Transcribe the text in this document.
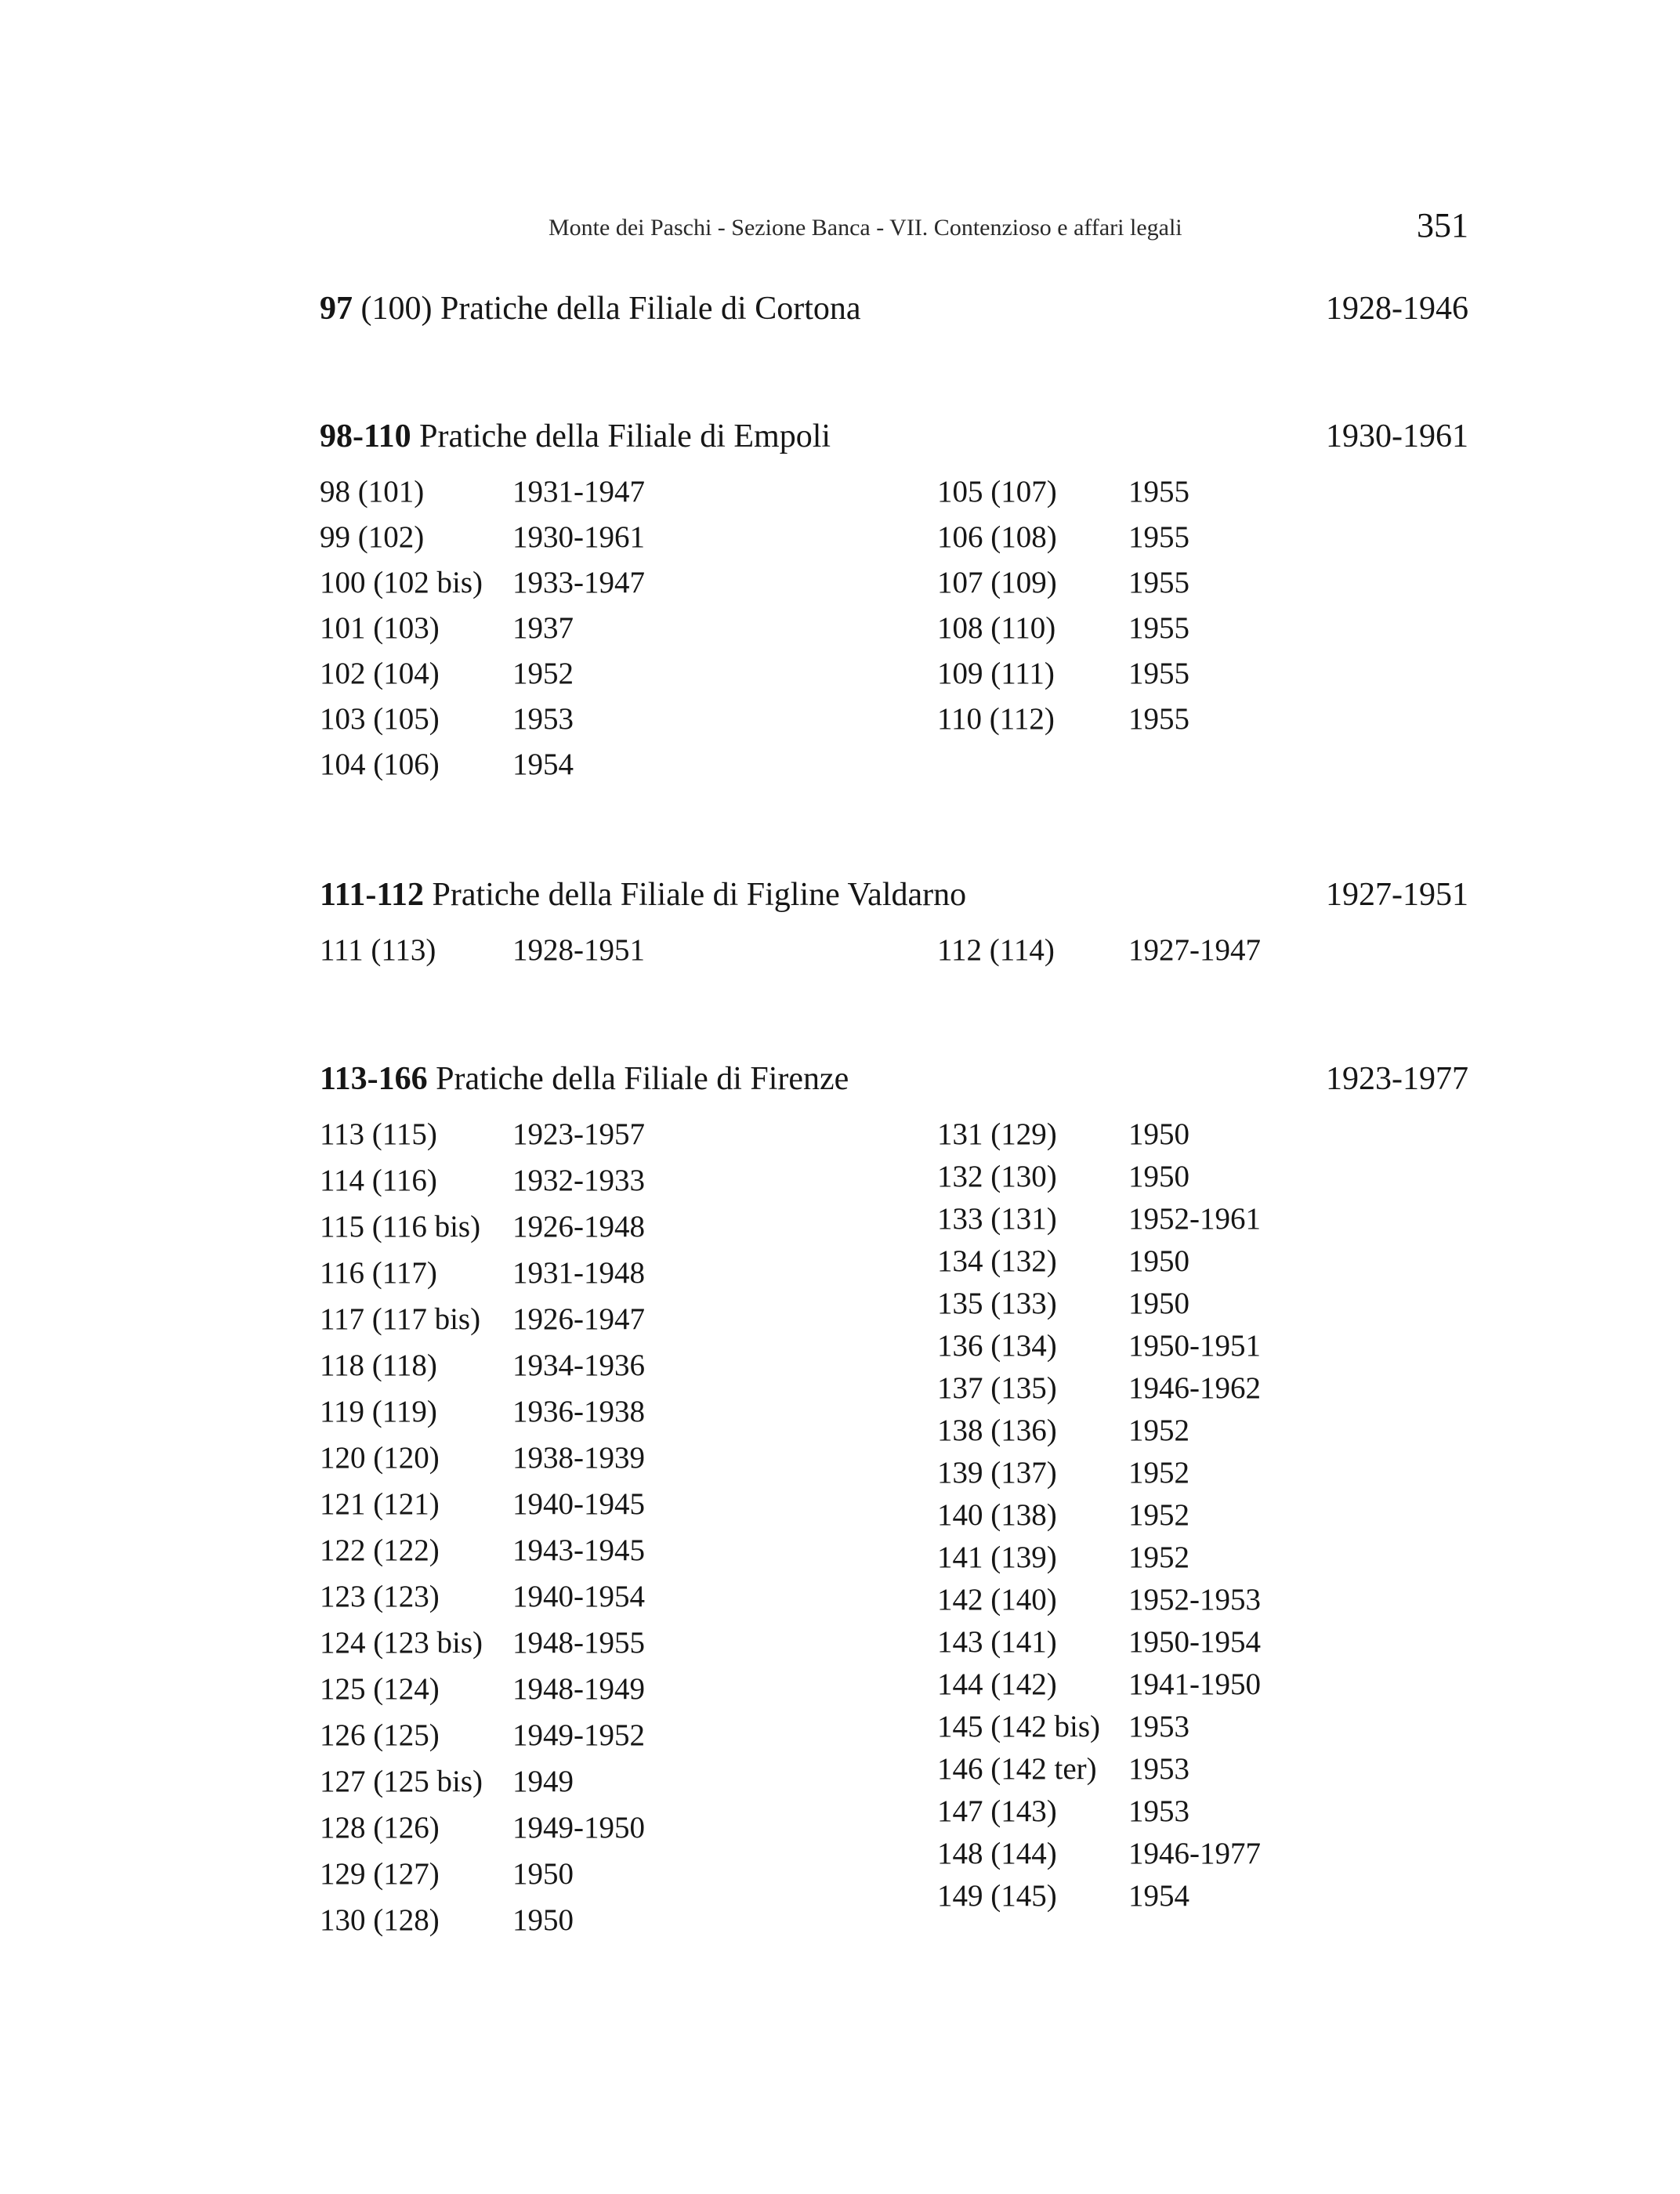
Monte dei Paschi - Sezione Banca - VII. Contenzioso e affari legali	351
97 (100) Pratiche della Filiale di Cortona	1928-1946
98-110 Pratiche della Filiale di Empoli	1930-1961
98 (101)	1931-1947
99 (102)	1930-1961
100 (102 bis) 1933-1947
101 (103) 1937
102 (104) 1952
103 (105) 1953
104 (106) 1954
105 (107) 1955
106 (108) 1955
107 (109) 1955
108 (110) 1955
109 (111) 1955
110 (112) 1955
111-112 Pratiche della Filiale di Figline Valdarno	1927-1951
111 (113)	1928-1951	112 (114) 1927-1947
113-166 Pratiche della Filiale di Firenze	1923-1977
113 (115) 1923-1957
114 (116) 1932-1933
115 (116 bis) 1926-1948
116 (117) 1931-1948
117 (117 bis) 1926-1947
118 (118) 1934-1936
119 (119) 1936-1938
120 (120) 1938-1939
121 (121) 1940-1945
122 (122) 1943-1945
123 (123) 1940-1954
124 (123 bis) 1948-1955
125 (124) 1948-1949
126 (125) 1949-1952
127 (125 bis) 1949
128 (126) 1949-1950
129 (127) 1950
130 (128) 1950
131 (129) 1950
132 (130) 1950
133 (131) 1952-1961
134 (132) 1950
135 (133) 1950
136 (134) 1950-1951
137 (135) 1946-1962
138 (136) 1952
139 (137) 1952
140 (138) 1952
141 (139) 1952
142 (140) 1952-1953
143 (141) 1950-1954
144 (142) 1941-1950
145 (142 bis) 1953
146 (142 ter) 1953
147 (143) 1953
148 (144) 1946-1977
149 (145) 1954
